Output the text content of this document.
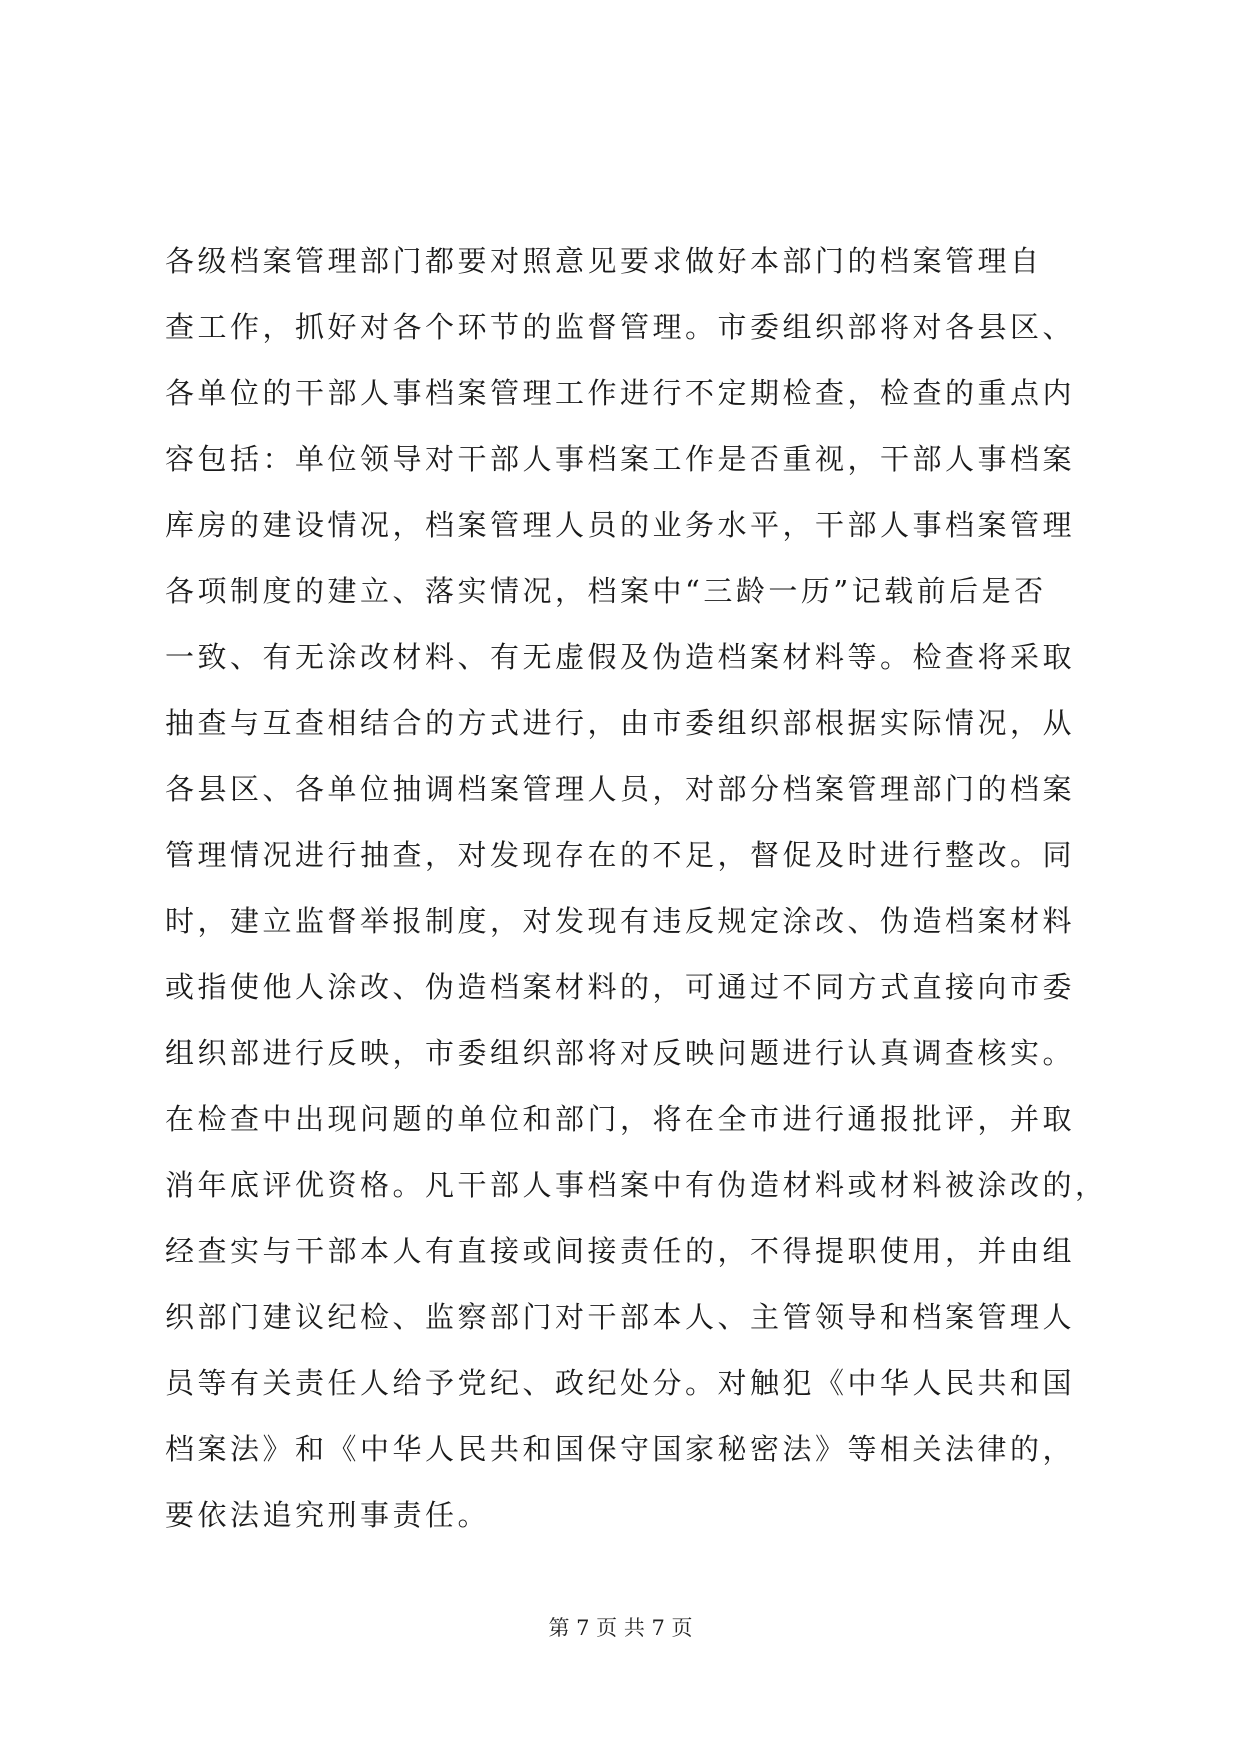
各级档案管理部门都要对照意见要求做好本部门的档案管理自
查工作，抓好对各个环节的监督管理。市委组织部将对各县区、
各单位的干部人事档案管理工作进行不定期检查，检查的重点内
容包括：单位领导对干部人事档案工作是否重视，干部人事档案
库房的建设情况，档案管理人员的业务水平，干部人事档案管理
各项制度的建立、落实情况，档案中“三龄一历”记载前后是否
一致、有无涂改材料、有无虚假及伪造档案材料等。检查将采取
抽查与互查相结合的方式进行，由市委组织部根据实际情况，从
各县区、各单位抽调档案管理人员，对部分档案管理部门的档案
管理情况进行抽查，对发现存在的不足，督促及时进行整改。同
时，建立监督举报制度，对发现有违反规定涂改、伪造档案材料
或指使他人涂改、伪造档案材料的，可通过不同方式直接向市委
组织部进行反映，市委组织部将对反映问题进行认真调查核实。
在检查中出现问题的单位和部门，将在全市进行通报批评，并取
消年底评优资格。凡干部人事档案中有伪造材料或材料被涂改的，
经查实与干部本人有直接或间接责任的，不得提职使用，并由组
织部门建议纪检、监察部门对干部本人、主管领导和档案管理人
员等有关责任人给予党纪、政纪处分。对触犯《中华人民共和国
档案法》和《中华人民共和国保守国家秘密法》等相关法律的，
要依法追究刑事责任。
第 7 页 共 7 页
